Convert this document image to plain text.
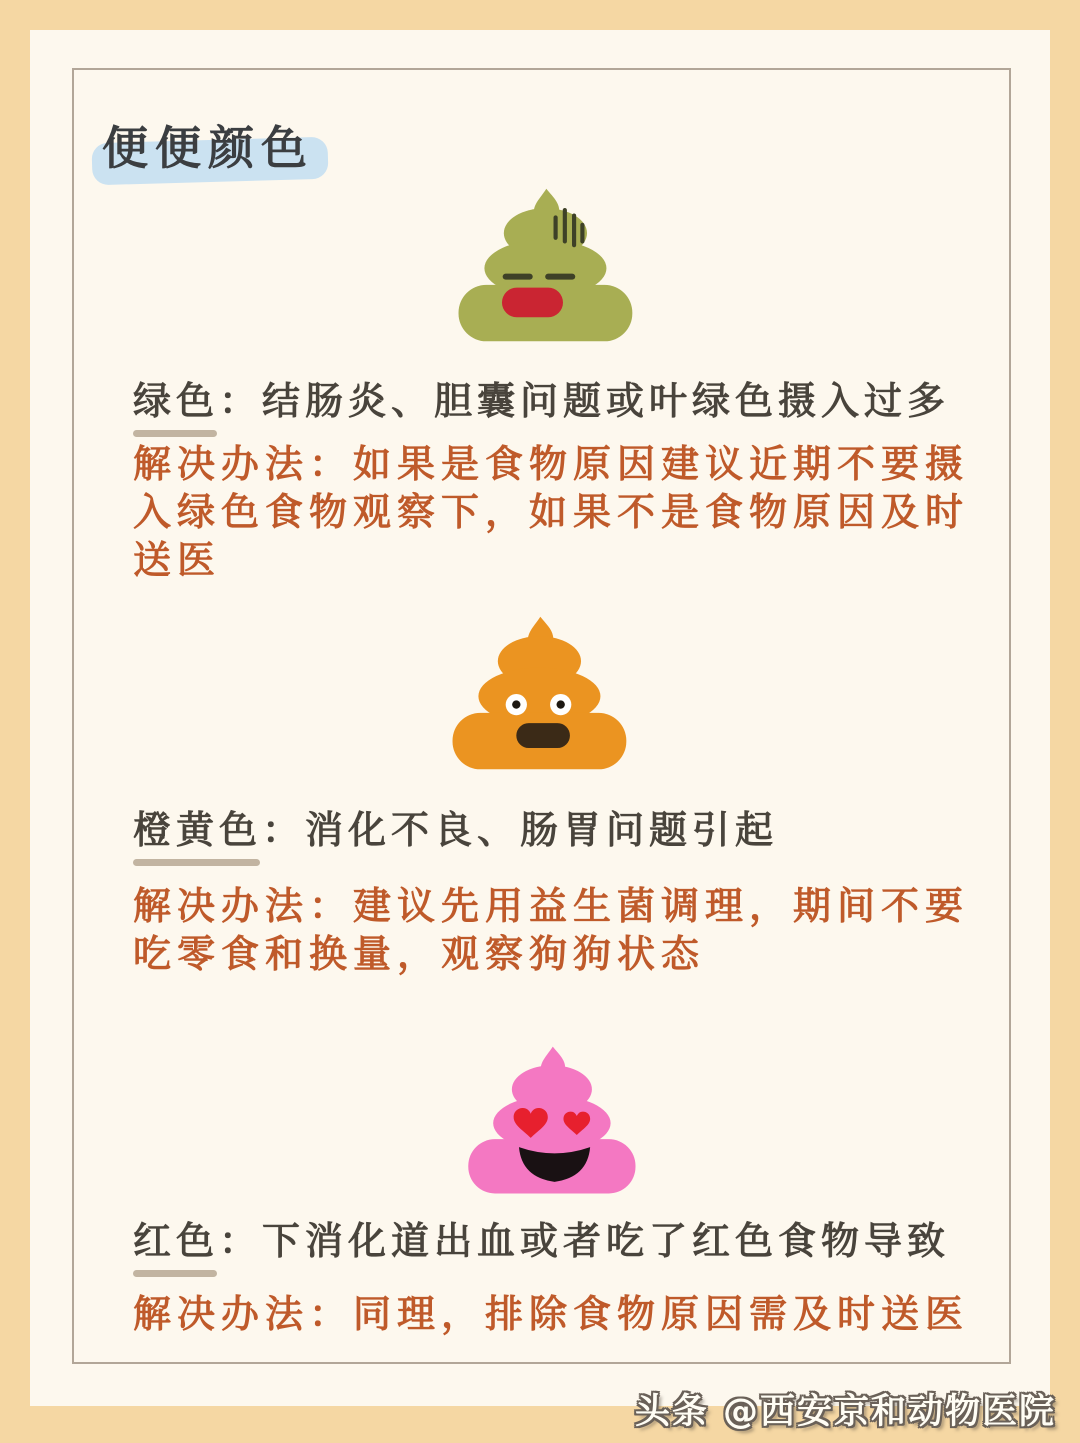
便便颜色
绿色：结肠炎、胆囊问题或叶绿色摄入过多
解决办法：如果是食物原因建议近期不要摄
入绿色食物观察下，如果不是食物原因及时
送医
橙黄色：消化不良、肠胃问题引起
解决办法：建议先用益生菌调理，期间不要
吃零食和换量，观察狗狗状态
红色：下消化道出血或者吃了红色食物导致
解决办法：同理，排除食物原因需及时送医
头条 @西安京和动物医院
